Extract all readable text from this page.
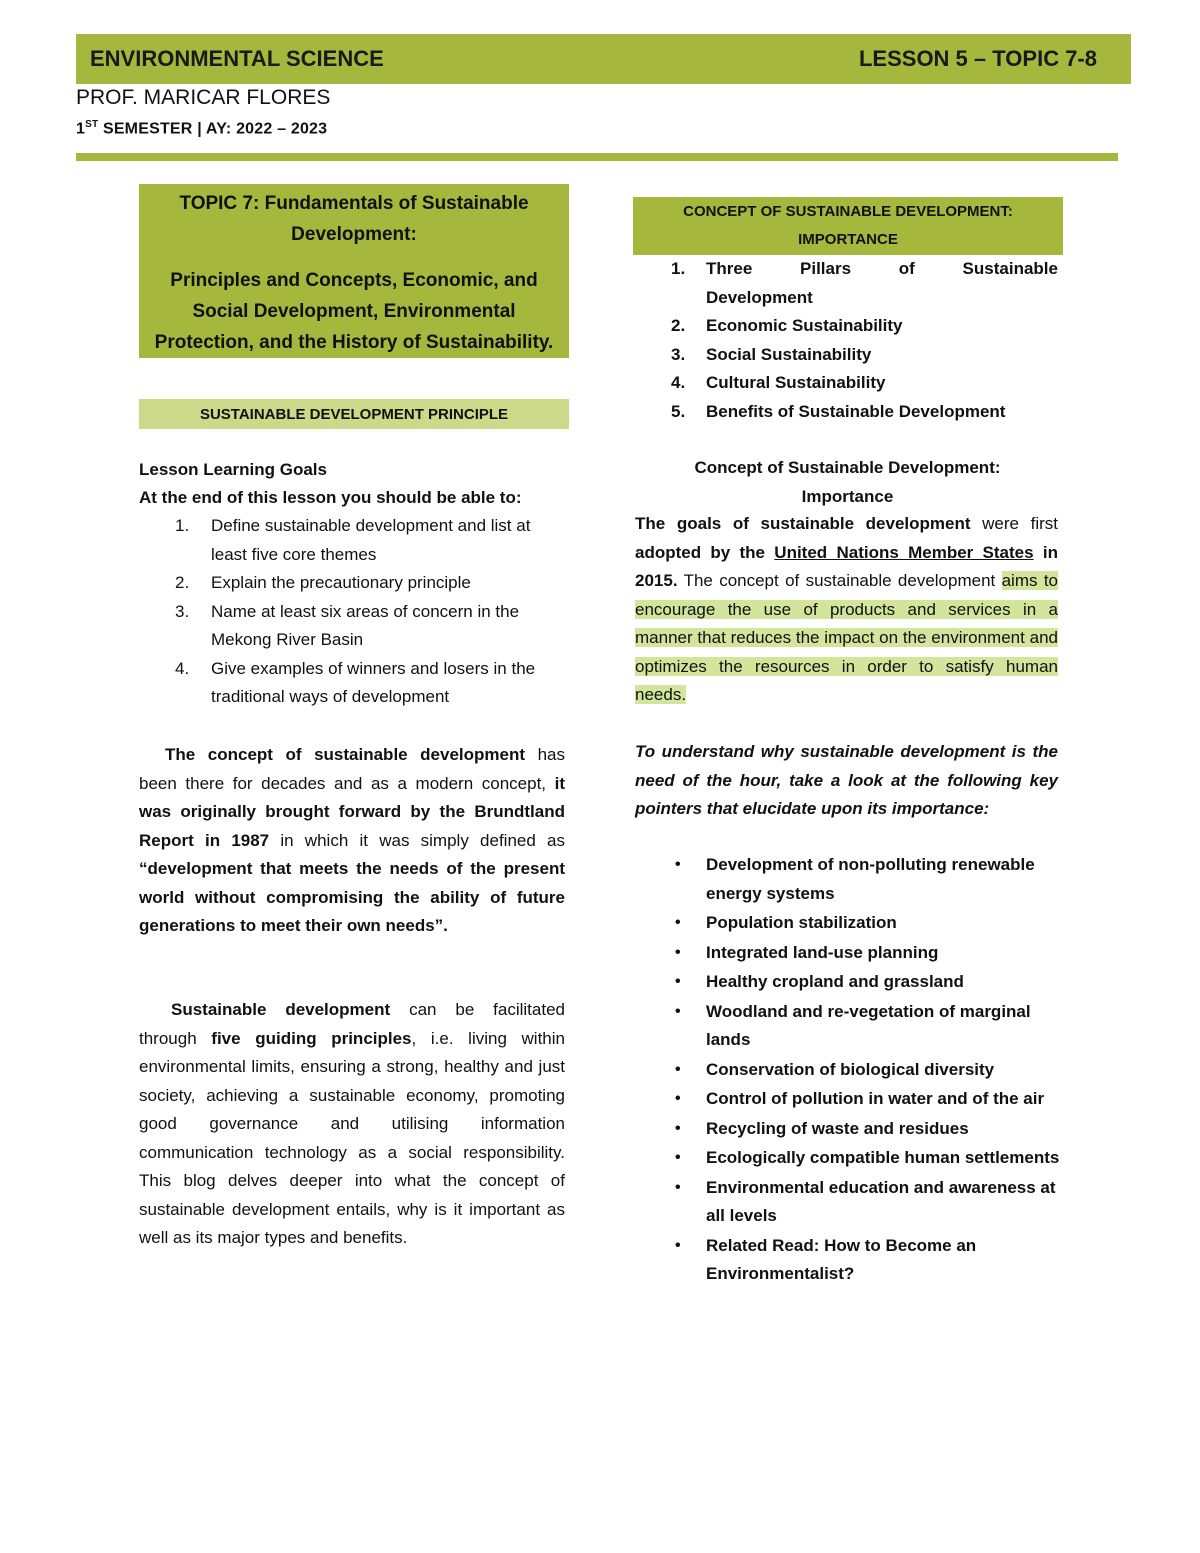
ENVIRONMENTAL SCIENCE	LESSON 5 – TOPIC 7-8
PROF. MARICAR FLORES
1ST SEMESTER | AY: 2022 – 2023
TOPIC 7: Fundamentals of Sustainable Development:
Principles and Concepts, Economic, and Social Development, Environmental Protection, and the History of Sustainability.
SUSTAINABLE DEVELOPMENT PRINCIPLE
Lesson Learning Goals
At the end of this lesson you should be able to:
1. Define sustainable development and list at least five core themes
2. Explain the precautionary principle
3. Name at least six areas of concern in the Mekong River Basin
4. Give examples of winners and losers in the traditional ways of development
The concept of sustainable development has been there for decades and as a modern concept, it was originally brought forward by the Brundtland Report in 1987 in which it was simply defined as “development that meets the needs of the present world without compromising the ability of future generations to meet their own needs”.
Sustainable development can be facilitated through five guiding principles, i.e. living within environmental limits, ensuring a strong, healthy and just society, achieving a sustainable economy, promoting good governance and utilising information communication technology as a social responsibility. This blog delves deeper into what the concept of sustainable development entails, why is it important as well as its major types and benefits.
CONCEPT OF SUSTAINABLE DEVELOPMENT:
IMPORTANCE
1. Three	Pillars	of	Sustainable
Development
2. Economic Sustainability
3. Social Sustainability
4. Cultural Sustainability
5. Benefits of Sustainable Development
Concept of Sustainable Development:
Importance
The goals of sustainable development were first adopted by the United Nations Member States in 2015. The concept of sustainable development aims to encourage the use of products and services in a manner that reduces the impact on the environment and optimizes the resources in order to satisfy human needs.
To understand why sustainable development is the need of the hour, take a look at the following key pointers that elucidate upon its importance:
• Development of non-polluting renewable energy systems
• Population stabilization
• Integrated land-use planning
• Healthy cropland and grassland
• Woodland and re-vegetation of marginal lands
• Conservation of biological diversity
• Control of pollution in water and of the air
• Recycling of waste and residues
• Ecologically compatible human settlements
• Environmental education and awareness at all levels
• Related Read: How to Become an Environmentalist?
